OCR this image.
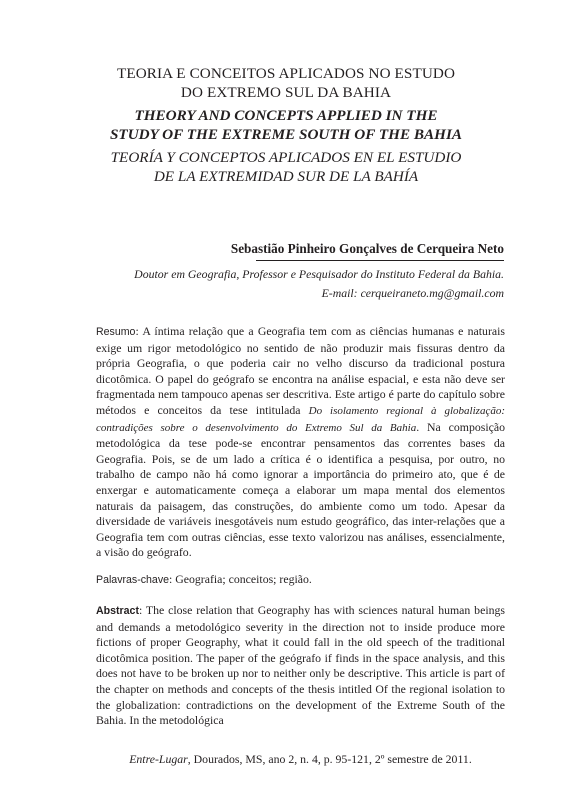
TEORIA E CONCEITOS APLICADOS NO ESTUDO
DO EXTREMO SUL DA BAHIA
THEORY AND CONCEPTS APPLIED IN THE
STUDY OF THE EXTREME SOUTH OF THE BAHIA
TEORÍA Y CONCEPTOS APLICADOS EN EL ESTUDIO
DE LA EXTREMIDAD SUR DE LA BAHÍA
Sebastião Pinheiro Gonçalves de Cerqueira Neto
Doutor em Geografia, Professor e Pesquisador do Instituto Federal da Bahia.
E-mail: cerqueiraneto.mg@gmail.com
Resumo: A íntima relação que a Geografia tem com as ciências humanas e naturais exige um rigor metodológico no sentido de não produzir mais fissuras dentro da própria Geografia, o que poderia cair no velho discurso da tradicional postura dicotômica. O papel do geógrafo se encontra na análise espacial, e esta não deve ser fragmentada nem tampouco apenas ser descritiva. Este artigo é parte do capítulo sobre métodos e conceitos da tese intitulada Do isolamento regional à globalização: contradições sobre o desenvolvimento do Extremo Sul da Bahia. Na composição metodológica da tese pode-se encontrar pensamentos das correntes bases da Geografia. Pois, se de um lado a crítica é o identifica a pesquisa, por outro, no trabalho de campo não há como ignorar a importância do primeiro ato, que é de enxergar e automaticamente começa a elaborar um mapa mental dos elementos naturais da paisagem, das construções, do ambiente como um todo. Apesar da diversidade de variáveis inesgotáveis num estudo geográfico, das inter-relações que a Geografia tem com outras ciências, esse texto valorizou nas análises, essencialmente, a visão do geógrafo.
Palavras-chave: Geografia; conceitos; região.
Abstract: The close relation that Geography has with sciences natural human beings and demands a metodológico severity in the direction not to inside produce more fictions of proper Geography, what it could fall in the old speech of the traditional dicotômica position. The paper of the geógrafo if finds in the space analysis, and this does not have to be broken up nor to neither only be descriptive. This article is part of the chapter on methods and concepts of the thesis intitled Of the regional isolation to the globalization: contradictions on the development of the Extreme South of the Bahia. In the metodológica
Entre-Lugar, Dourados, MS, ano 2, n. 4, p. 95-121, 2º semestre de 2011.
